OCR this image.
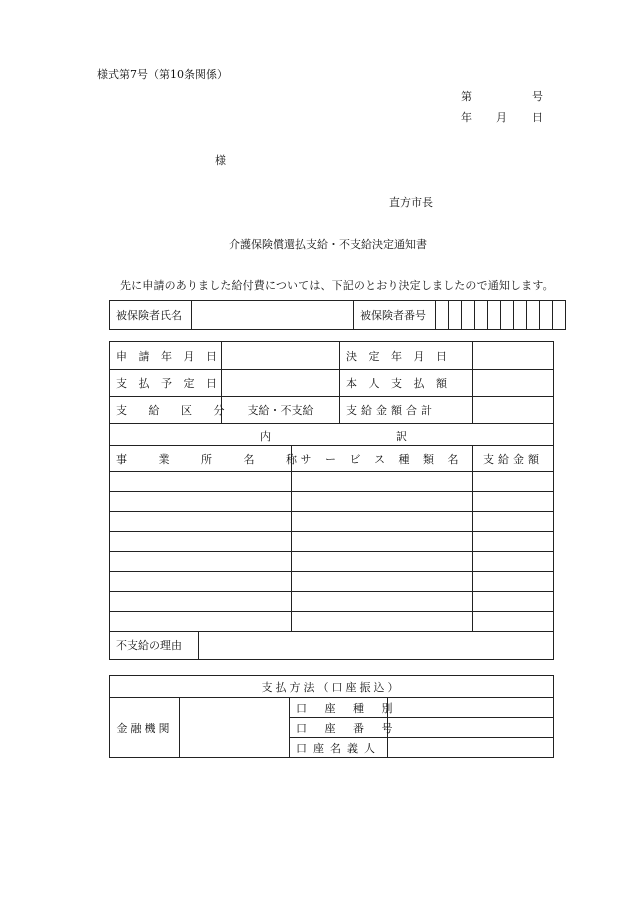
様式第7号（第10条関係）
第	号
年 月 日
様
直方市長
介護保険償還払支給・不支給決定通知書
先に申請のありました給付費については、下記のとおり決定しましたので通知します。
被保険者氏名		被保険者番号										
申 請 年 月 日			決 定 年 月 日	
支 払 予 定 日			本 人 支 払 額	
支 給 区 分	支給・不支給		支給金額合計	

内 訳				

事 業 所 名 称		サ ー ビ ス 種 類 名		支給金額

不支給の理由				
支払方法（口座振込）			
金融機関		口 座 種 別	
		口 座 番 号	
		口座名義人	
